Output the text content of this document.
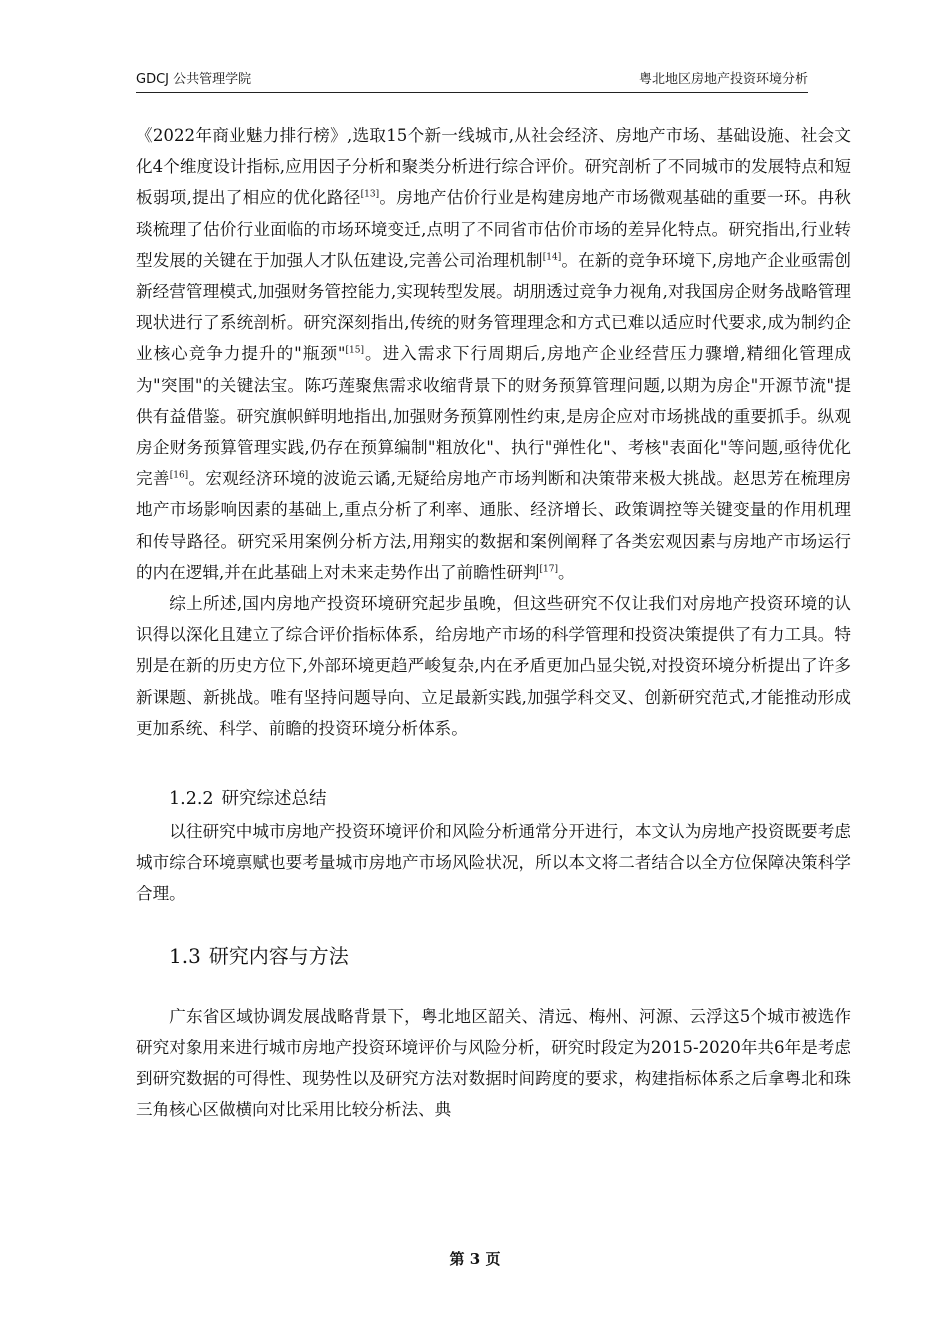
GDCJ 公共管理学院	粤北地区房地产投资环境分析

《2022年商业魅力排行榜》,选取15个新一线城市,从社会经济、房地产市场、基础设施、社会文化4个维度设计指标,应用因子分析和聚类分析进行综合评价。研究剖析了不同城市的发展特点和短板弱项,提出了相应的优化路径[13]。房地产估价行业是构建房地产市场微观基础的重要一环。冉秋琰梳理了估价行业面临的市场环境变迁,点明了不同省市估价市场的差异化特点。研究指出,行业转型发展的关键在于加强人才队伍建设,完善公司治理机制[14]。在新的竞争环境下,房地产企业亟需创新经营管理模式,加强财务管控能力,实现转型发展。胡朋透过竞争力视角,对我国房企财务战略管理现状进行了系统剖析。研究深刻指出,传统的财务管理理念和方式已难以适应时代要求,成为制约企业核心竞争力提升的"瓶颈"[15]。进入需求下行周期后,房地产企业经营压力骤增,精细化管理成为"突围"的关键法宝。陈巧莲聚焦需求收缩背景下的财务预算管理问题,以期为房企"开源节流"提供有益借鉴。研究旗帜鲜明地指出,加强财务预算刚性约束,是房企应对市场挑战的重要抓手。纵观房企财务预算管理实践,仍存在预算编制"粗放化"、执行"弹性化"、考核"表面化"等问题,亟待优化完善[16]。宏观经济环境的波诡云谲,无疑给房地产市场判断和决策带来极大挑战。赵思芳在梳理房地产市场影响因素的基础上,重点分析了利率、通胀、经济增长、政策调控等关键变量的作用机理和传导路径。研究采用案例分析方法,用翔实的数据和案例阐释了各类宏观因素与房地产市场运行的内在逻辑,并在此基础上对未来走势作出了前瞻性研判[17]。

综上所述,国内房地产投资环境研究起步虽晚，但这些研究不仅让我们对房地产投资环境的认识得以深化且建立了综合评价指标体系，给房地产市场的科学管理和投资决策提供了有力工具。特别是在新的历史方位下,外部环境更趋严峻复杂,内在矛盾更加凸显尖锐,对投资环境分析提出了许多新课题、新挑战。唯有坚持问题导向、立足最新实践,加强学科交叉、创新研究范式,才能推动形成更加系统、科学、前瞻的投资环境分析体系。

1.2.2 研究综述总结

以往研究中城市房地产投资环境评价和风险分析通常分开进行，本文认为房地产投资既要考虑城市综合环境禀赋也要考量城市房地产市场风险状况，所以本文将二者结合以全方位保障决策科学合理。

1.3 研究内容与方法

广东省区域协调发展战略背景下，粤北地区韶关、清远、梅州、河源、云浮这5个城市被选作研究对象用来进行城市房地产投资环境评价与风险分析，研究时段定为2015-2020年共6年是考虑到研究数据的可得性、现势性以及研究方法对数据时间跨度的要求，构建指标体系之后拿粤北和珠三角核心区做横向对比采用比较分析法、典

第 3 页
